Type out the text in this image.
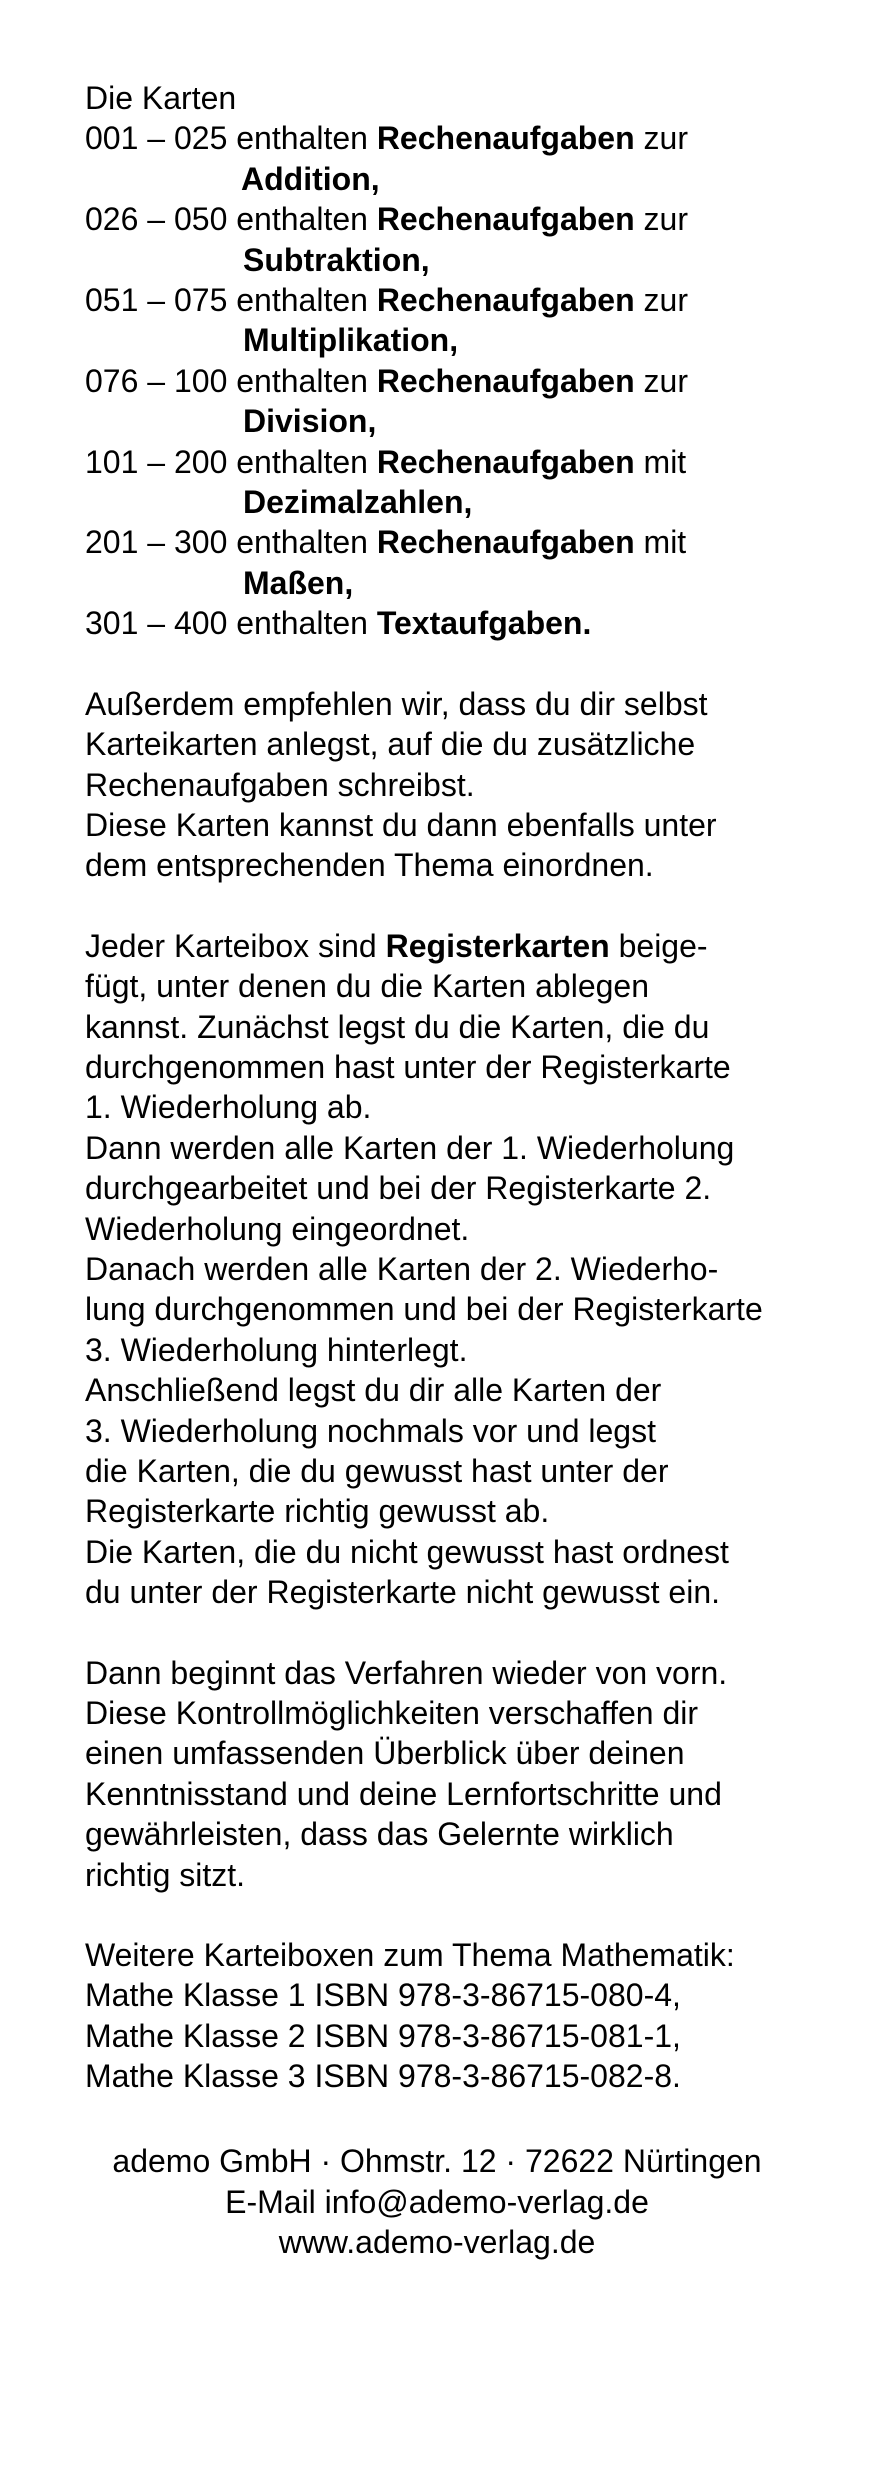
Die Karten
001 – 025 enthalten Rechenaufgaben zur
Addition,
026 – 050 enthalten Rechenaufgaben zur
Subtraktion,
051 – 075 enthalten Rechenaufgaben zur
Multiplikation,
076 – 100 enthalten Rechenaufgaben zur
Division,
101 – 200 enthalten Rechenaufgaben mit
Dezimalzahlen,
201 – 300 enthalten Rechenaufgaben mit
Maßen,
301 – 400 enthalten Textaufgaben.
Außerdem empfehlen wir, dass du dir selbst
Karteikarten anlegst, auf die du zusätzliche
Rechenaufgaben schreibst.
Diese Karten kannst du dann ebenfalls unter
dem entsprechenden Thema einordnen.
Jeder Karteibox sind Registerkarten beige-
fügt, unter denen du die Karten ablegen
kannst. Zunächst legst du die Karten, die du
durchgenommen hast unter der Registerkarte
1. Wiederholung ab.
Dann werden alle Karten der 1. Wiederholung
durchgearbeitet und bei der Registerkarte 2.
Wiederholung eingeordnet.
Danach werden alle Karten der 2. Wiederho-
lung durchgenommen und bei der Registerkarte
3. Wiederholung hinterlegt.
Anschließend legst du dir alle Karten der
3. Wiederholung nochmals vor und legst
die Karten, die du gewusst hast unter der
Registerkarte richtig gewusst ab.
Die Karten, die du nicht gewusst hast ordnest
du unter der Registerkarte nicht gewusst ein.
Dann beginnt das Verfahren wieder von vorn.
Diese Kontrollmöglichkeiten verschaffen dir
einen umfassenden Überblick über deinen
Kenntnisstand und deine Lernfortschritte und
gewährleisten, dass das Gelernte wirklich
richtig sitzt.
Weitere Karteiboxen zum Thema Mathematik:
Mathe Klasse 1 ISBN 978-3-86715-080-4,
Mathe Klasse 2 ISBN 978-3-86715-081-1,
Mathe Klasse 3 ISBN 978-3-86715-082-8.
ademo GmbH · Ohmstr. 12 · 72622 Nürtingen
E-Mail info@ademo-verlag.de
www.ademo-verlag.de
